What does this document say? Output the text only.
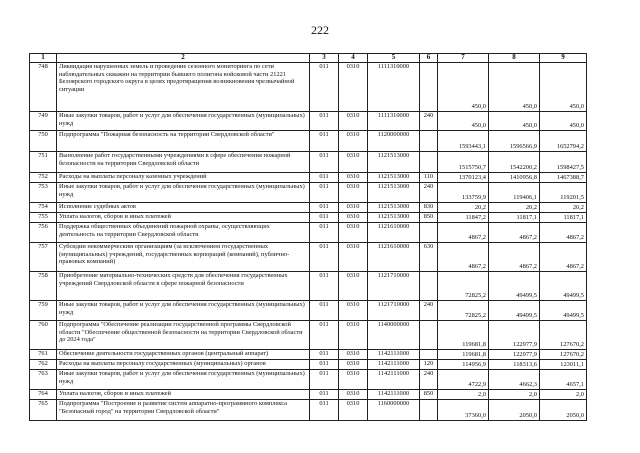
222
1	2	3	4	5	6	7	8	9
748	Ликвидация нарушенных земель и проведение сезонного мониторинга по сети наблюдательных скважин на территории бывшего полигона войсковой части 21221 Белоярского городского округа в целях предотвращения возникновения чрезвычайной ситуации	011	0310	1111310000		450,0	450,0	450,0
749	Иные закупки товаров, работ и услуг для обеспечения государственных (муниципальных) нужд	011	0310	1111310000	240	450,0	450,0	450,0
750	Подпрограмма "Пожарная безопасность на территории Свердловской области"	011	0310	1120000000		1593443,1	1596566,9	1652794,2
751	Выполнение работ государственными учреждениями в сфере обеспечения пожарной безопасности на территории Свердловской области	011	0310	1121513000		1515750,7	1542200,2	1598427,5
752	Расходы на выплаты персоналу казенных учреждений	011	0310	1121513000	110	1370123,4	1410956,8	1467388,7
753	Иные закупки товаров, работ и услуг для обеспечения государственных (муниципальных) нужд	011	0310	1121513000	240	133759,9	119406,1	119201,5
754	Исполнение судебных актов	011	0310	1121513000	830	20,2	20,2	20,2
755	Уплата налогов, сборов и иных платежей	011	0310	1121513000	850	11847,2	11817,1	11817,1
756	Поддержка общественных объединений пожарной охраны, осуществляющих деятельность на территории Свердловской области	011	0310	1121610000		4867,2	4867,2	4867,2
757	Субсидии некоммерческим организациям (за исключением государственных (муниципальных) учреждений, государственных корпораций (компаний), публично-правовых компаний)	011	0310	1121610000	630	4867,2	4867,2	4867,2
758	Приобретение материально-технических средств для обеспечения государственных учреждений Свердловской области в сфере пожарной безопасности	011	0310	1121710000		72825,2	49499,5	49499,5
759	Иные закупки товаров, работ и услуг для обеспечения государственных (муниципальных) нужд	011	0310	1121710000	240	72825,2	49499,5	49499,5
760	Подпрограмма "Обеспечение реализации государственной программы Свердловской области "Обеспечение общественной безопасности на территории Свердловской области до 2024 года"	011	0310	1140000000		119681,8	122977,9	127670,2
761	Обеспечение деятельности государственных органов (центральный аппарат)	011	0310	1142111000		119681,8	122977,9	127670,2
762	Расходы на выплаты персоналу государственных (муниципальных) органов	011	0310	1142111000	120	114956,9	118313,6	123011,1
763	Иные закупки товаров, работ и услуг для обеспечения государственных (муниципальных) нужд	011	0310	1142111000	240	4722,9	4662,3	4657,1
764	Уплата налогов, сборов и иных платежей	011	0310	1142111000	850	2,0	2,0	2,0
765	Подпрограмма "Построение и развитие систем аппаратно-программного комплекса "Безопасный город" на территории Свердловской области"	011	0310	1160000000		37360,0	2050,0	2050,0
